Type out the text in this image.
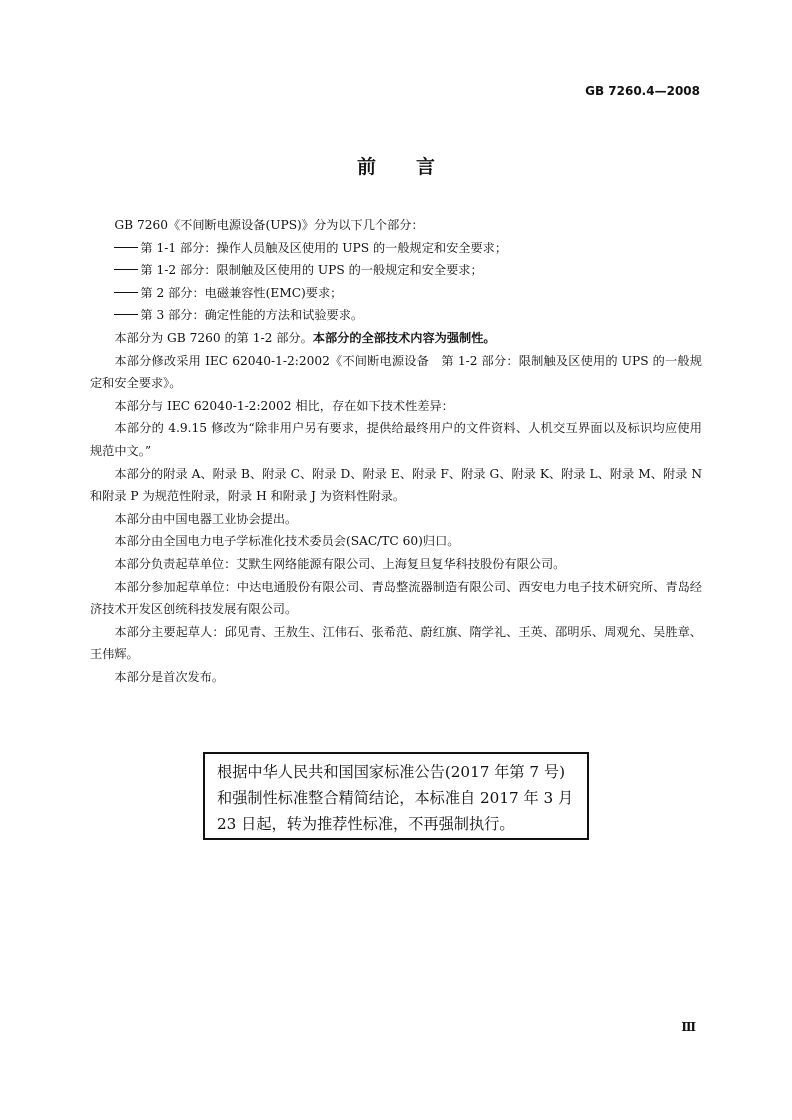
GB 7260.4—2008
前言

GB 7260《不间断电源设备(UPS)》分为以下几个部分：

第 1-1 部分：操作人员触及区使用的 UPS 的一般规定和安全要求；

第 1-2 部分：限制触及区使用的 UPS 的一般规定和安全要求；

第 2 部分：电磁兼容性(EMC)要求；

第 3 部分：确定性能的方法和试验要求。

本部分为 GB 7260 的第 1-2 部分。本部分的全部技术内容为强制性。

本部分修改采用 IEC 62040-1-2:2002《不间断电源设备　第 1-2 部分：限制触及区使用的 UPS 的一般规定和安全要求》。

本部分与 IEC 62040-1-2:2002 相比，存在如下技术性差异：

本部分的 4.9.15 修改为“除非用户另有要求，提供给最终用户的文件资料、人机交互界面以及标识均应使用规范中文。”

本部分的附录 A、附录 B、附录 C、附录 D、附录 E、附录 F、附录 G、附录 K、附录 L、附录 M、附录 N 和附录 P 为规范性附录，附录 H 和附录 J 为资料性附录。

本部分由中国电器工业协会提出。

本部分由全国电力电子学标准化技术委员会(SAC/TC 60)归口。

本部分负责起草单位：艾默生网络能源有限公司、上海复旦复华科技股份有限公司。

本部分参加起草单位：中达电通股份有限公司、青岛整流器制造有限公司、西安电力电子技术研究所、青岛经济技术开发区创统科技发展有限公司。

本部分主要起草人：邱见青、王敖生、江伟石、张希范、蔚红旗、隋学礼、王英、邵明乐、周观允、吴胜章、王伟辉。

本部分是首次发布。

根据中华人民共和国国家标准公告(2017 年第 7 号)和强制性标准整合精简结论，本标准自 2017 年 3 月 23 日起，转为推荐性标准，不再强制执行。
Ⅲ
